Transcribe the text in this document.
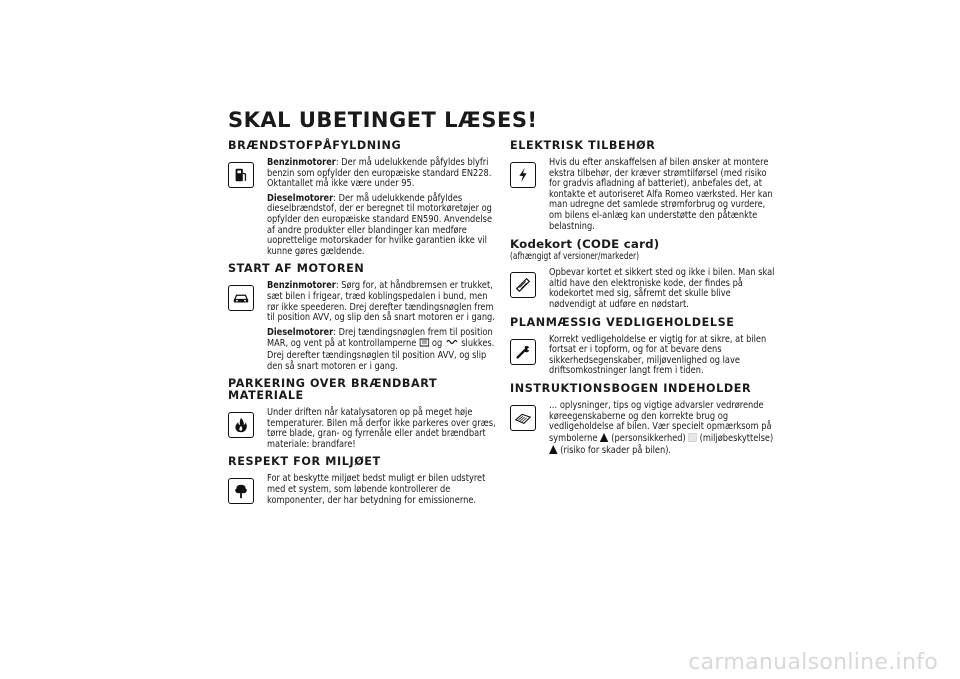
SKAL UBETINGET LÆSES!
BRÆNDSTOFPÅFYLDNING

Benzinmotorer: Der må udelukkende påfyldes blyfri benzin som opfylder den europæiske standard EN228. Oktantallet må ikke være under 95.

Dieselmotorer: Der må udelukkende påfyldes dieselbrændstof, der er beregnet til motorkøretøjer og opfylder den europæiske standard EN590. Anvendelse af andre produkter eller blandinger kan medføre uoprettelige motorskader for hvilke garantien ikke vil kunne gøres gældende.

START AF MOTOREN

Benzinmotorer: Sørg for, at håndbremsen er trukket, sæt bilen i frigear, træd koblingspedalen i bund, men rør ikke speederen. Drej derefter tændingsnøglen frem til position AVV, og slip den så snart motoren er i gang.

Dieselmotorer: Drej tændingsnøglen frem til position MAR, og vent på at kontrollamperne og slukkes. Drej derefter tændingsnøglen til position AVV, og slip den så snart motoren er i gang.

PARKERING OVER BRÆNDBART MATERIALE

Under driften når katalysatoren op på meget høje temperaturer. Bilen må derfor ikke parkeres over græs, tørre blade, gran- og fyrrenåle eller andet brændbart materiale: brandfare!

RESPEKT FOR MILJØET

For at beskytte miljøet bedst muligt er bilen udstyret med et system, som løbende kontrollerer de komponenter, der har betydning for emissionerne.

ELEKTRISK TILBEHØR

Hvis du efter anskaffelsen af bilen ønsker at montere ekstra tilbehør, der kræver strømtilførsel (med risiko for gradvis afladning af batteriet), anbefales det, at kontakte et autoriseret Alfa Romeo værksted. Her kan man udregne det samlede strømforbrug og vurdere, om bilens el-anlæg kan understøtte den påtænkte belastning.

Kodekort (CODE card)

(afhængigt af versioner/markeder)

Opbevar kortet et sikkert sted og ikke i bilen. Man skal altid have den elektroniske kode, der findes på kodekortet med sig, såfremt det skulle blive nødvendigt at udføre en nødstart.

PLANMÆSSIG VEDLIGEHOLDELSE

Korrekt vedligeholdelse er vigtig for at sikre, at bilen fortsat er i topform, og for at bevare dens sikkerhedsegenskaber, miljøvenlighed og lave driftsomkostninger langt frem i tiden.

INSTRUKTIONSBOGEN INDEHOLDER

… oplysninger, tips og vigtige advarsler vedrørende køreegenskaberne og den korrekte brug og vedligeholdelse af bilen. Vær specielt opmærksom på symbolerne (personsikkerhed) (miljøbeskyttelse)  (risiko for skader på bilen).

carmanualsonline.info
